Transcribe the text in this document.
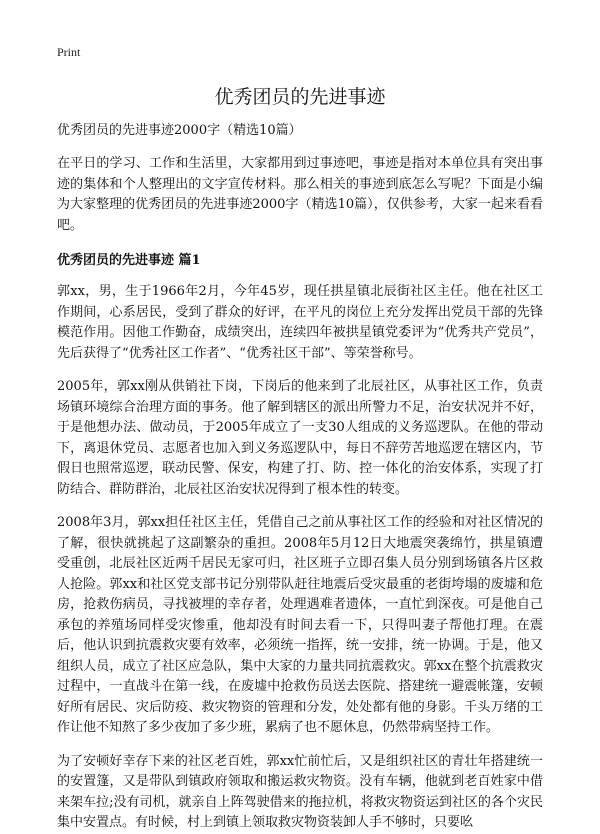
Print
优秀团员的先进事迹

优秀团员的先进事迹2000字（精选10篇）

在平日的学习、工作和生活里，大家都用到过事迹吧，事迹是指对本单位具有突出事迹的集体和个人整理出的文字宣传材料。那么相关的事迹到底怎么写呢？下面是小编为大家整理的优秀团员的先进事迹2000字（精选10篇），仅供参考，大家一起来看看吧。

优秀团员的先进事迹 篇1

郭xx，男，生于1966年2月，今年45岁，现任拱星镇北辰街社区主任。他在社区工作期间，心系居民，受到了群众的好评，在平凡的岗位上充分发挥出党员干部的先锋模范作用。因他工作勤奋，成绩突出，连续四年被拱星镇党委评为“优秀共产党员”，先后获得了“优秀社区工作者”、“优秀社区干部”、等荣誉称号。

2005年，郭xx刚从供销社下岗，下岗后的他来到了北辰社区，从事社区工作，负责场镇环境综合治理方面的事务。他了解到辖区的派出所警力不足，治安状况并不好，于是他想办法、做动员，于2005年成立了一支30人组成的义务巡逻队。在他的带动下，离退休党员、志愿者也加入到义务巡逻队中，每日不辞劳苦地巡逻在辖区内，节假日也照常巡逻，联动民警、保安，构建了打、防、控一体化的治安体系，实现了打防结合、群防群治，北辰社区治安状况得到了根本性的转变。

2008年3月，郭xx担任社区主任，凭借自己之前从事社区工作的经验和对社区情况的了解，很快就挑起了这副繁杂的重担。2008年5月12日大地震突袭绵竹，拱星镇遭受重创，北辰社区近两千居民无家可归，社区班子立即召集人员分别到场镇各片区救人抢险。郭xx和社区党支部书记分别带队赶往地震后受灾最重的老街垮塌的废墟和危房，抢救伤病员，寻找被埋的幸存者，处理遇难者遗体，一直忙到深夜。可是他自己承包的养殖场同样受灾惨重，他却没有时间去看一下，只得叫妻子帮他打理。在震后，他认识到抗震救灾要有效率，必须统一指挥，统一安排，统一协调。于是，他又组织人员，成立了社区应急队，集中大家的力量共同抗震救灾。郭xx在整个抗震救灾过程中，一直战斗在第一线，在废墟中抢救伤员送去医院、搭建统一避震帐篷，安顿好所有居民、灾后防疫、救灾物资的管理和分发，处处都有他的身影。千头万绪的工作让他不知熬了多少夜加了多少班，累病了也不愿休息，仍然带病坚持工作。

为了安顿好幸存下来的社区老百姓，郭xx忙前忙后，又是组织社区的青壮年搭建统一的安置篷，又是带队到镇政府领取和搬运救灾物资。没有车辆，他就到老百姓家中借来架车拉;没有司机，就亲自上阵驾驶借来的拖拉机，将救灾物资运到社区的各个灾民集中安置点。有时候，村上到镇上领取救灾物资装卸人手不够时，只要吆
